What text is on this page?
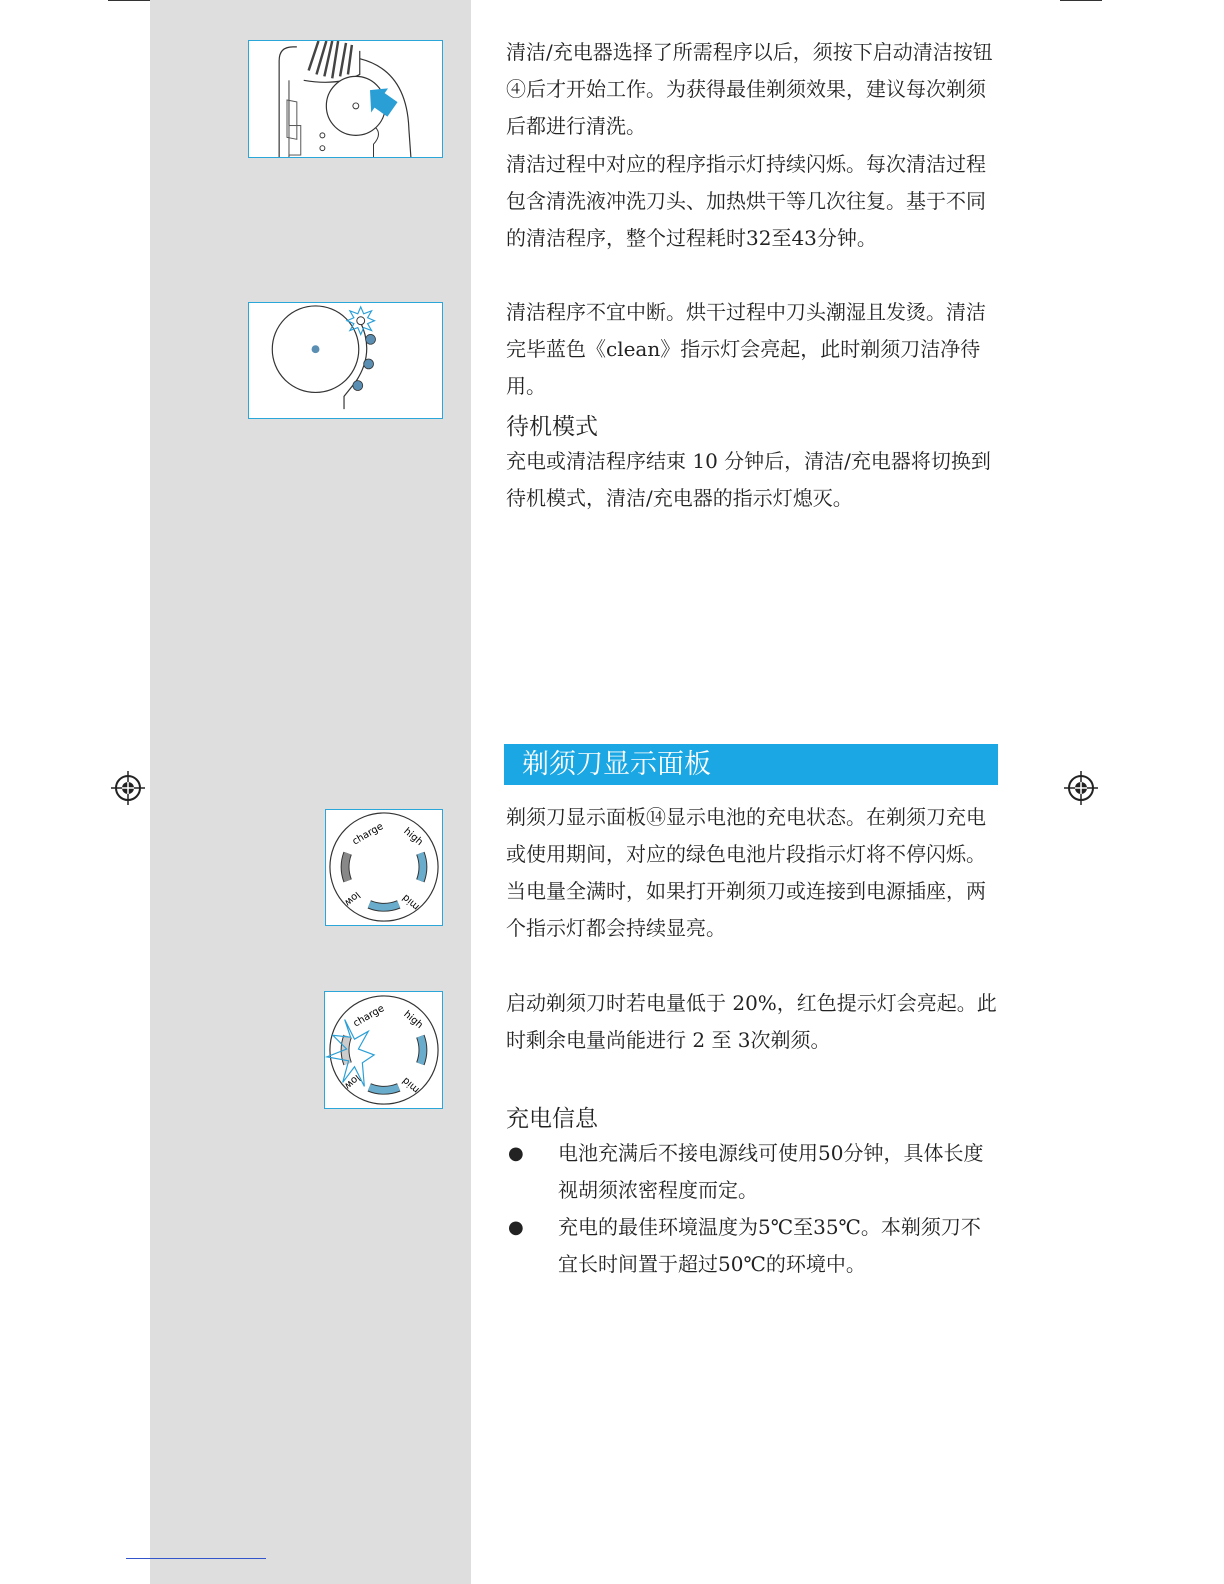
charge high
mid
low
charge high
mid
low

清洁/充电器选择了所需程序以后，须按下启动清洁按钮④后才开始工作。为获得最佳剃须效果，建议每次剃须后都进行清洗。

清洁过程中对应的程序指示灯持续闪烁。每次清洁过程包含清洗液冲洗刀头、加热烘干等几次往复。基于不同的清洁程序，整个过程耗时32至43分钟。

清洁程序不宜中断。烘干过程中刀头潮湿且发烫。清洁完毕蓝色《clean》指示灯会亮起，此时剃须刀洁净待用。

待机模式

充电或清洁程序结束 10 分钟后，清洁/充电器将切换到待机模式，清洁/充电器的指示灯熄灭。

剃须刀显示面板

剃须刀显示面板⑭显示电池的充电状态。在剃须刀充电或使用期间，对应的绿色电池片段指示灯将不停闪烁。当电量全满时，如果打开剃须刀或连接到电源插座，两个指示灯都会持续显亮。

启动剃须刀时若电量低于 20%，红色提示灯会亮起。此时剩余电量尚能进行 2 至 3次剃须。

充电信息
● 电池充满后不接电源线可使用50分钟，具体长度视胡须浓密程度而定。
● 充电的最佳环境温度为5℃至35℃。本剃须刀不宜长时间置于超过50℃的环境中。
